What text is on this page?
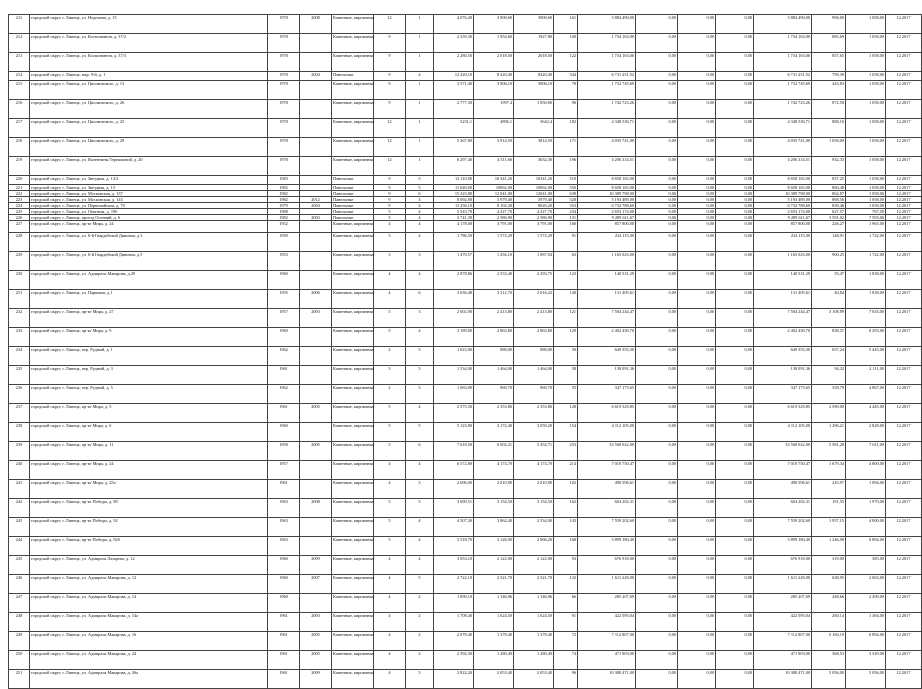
211	городской округ, г. Липецк, ул. Неделина, д. 15	1978	2008	Каменные, кирпичные	12	1	4 076,20	3 900,60	3900,60	161	3 884 490,00	0,00	0,00	0,00	3 884 490,00	996,00	1 058,00	12.2017
212	городской округ, г. Липецк, ул. Космонавтов, д. 37/2	1978		Каменные, кирпичные	9	1	2 239,30	1 954,60	1927,80	100	1 734 163,00	0,00	0,00	0,00	1 734 163,00	885,69	1 058,00	12.2017
213	городской округ, г. Липецк, ул. Космонавтов, д. 37/3	1978		Каменные, кирпичные	9	1	2 280,50	2 018,50	2018,50	122	1 734 163,00	0,00	0,00	0,00	1 734 163,00	857,65	1 058,00	12.2017
214	городской округ, г. Липецк, мкр. 9-й, д. 1	1978	2004	Панельные	9	4	12 420,10	8 420,40	8420,40	344	6 731 251,52	0,00	0,00	0,00	6 731 251,52	799,39	1 058,00	12.2017
215	городской округ, г. Липецк, ул. Циолковского, д. 13	1978		Каменные, кирпичные	9	1	3 571,40	3 906,10	3906,10	78	1 732 749,69	0,00	0,00	0,00	1 732 749,69	443,83	1 058,00	12.2017
216	городской округ, г. Липецк, ул. Циолковского, д. 26	1978		Каменные, кирпичные	9	1	2 777,30	1997,4	1 850,00	96	1 742 723,26	0,00	0,00	0,00	1 742 723,26	872,50	1 058,00	12.2017
217	городской округ, г. Липецк, ул. Циолковского, д. 25	1978		Каменные, кирпичные	12	1	5231,1	4896,1	3642,4	182	4 348 530,71	0,00	0,00	0,00	4 348 530,71	888,16	1 058,00	12.2017
218	городской округ, г. Липецк, ул. Циолковского, д. 29	1978		Каменные, кирпичные	12	1	5 267,80	3 814,50	3814,50	171	4 035 741,00	0,00	0,00	0,00	4 035 741,00	1 058,00	1 058,00	12.2017
219	городской округ, г. Липецк, ул. Валентины Терешковой, д. 20	1978		Каменные, кирпичные	12	1	6 297,40	4 511,60	3632,30	196	4 206 314,51	0,00	0,00	0,00	4 206 314,51	932,33	1 058,00	12.2017
220	городской округ, г. Липецк, ул. Звездная, д. 13/2	1983		Панельные	9	5	12 110,00	10 341,20	10341,20	510	8 658 165,00	0,00	0,00	0,00	8 658 165,00	837,25	1 058,00	12.2017
221	городской округ, г. Липецк, ул. Звездная, д. 13	1982		Панельные	9	5	11 640,00	10062,00	10062,00	550	8 658 165,00	0,00	0,00	0,00	8 658 165,00	860,48	1 058,00	12.2017
222	городской округ, г. Липецк, ул. Московская, д. 137	1982		Панельные	9	6	15 223,80	12 041,00	12041,00	638	10 389 798,00	0,00	0,00	0,00	10 389 798,00	862,87	1 058,00	12.2017
223	городской округ, г. Липецк, ул. Московская, д. 143	1982	2012	Панельные	9	3	8 092,00	5 979,40	5979,40	328	5 193 489,00	0,00	0,00	0,00	5 193 489,00	868,56	1 058,00	12.2017
224	городской округ, г. Липецк, ул. Первомайская, д. 70	1979	2004	Панельные	9	4	11 256,10	8 102,20	8020,20	353	6 732 788,60	0,00	0,00	0,00	6 732 788,60	839,46	1 058,00	12.2017
225	городской округ, г. Липецк, ул. Опытная, д. 19б	1988		Панельные	5	4	5 543,70	4 227,70	4 227,70	234	2 653 174,00	0,00	0,00	0,00	2 653 174,00	627,57	767,50	12.2017
226	городской округ, г. Липецк, проезд Осенний, д. 6	1982	2003	Панельные	5	4	3 741,39	2 586,90	2 586,90	131	9 289 611,67	0,00	0,00	0,00	9 289 611,67	3 591,02	7 593,00	12.2017
227	городской округ, г. Липецк, пр-кт Мира, д. 24	1952		Каменные, кирпичные	4	4	4 178,00	3 791,00	3 791,00	160	857 800,00	0,00	0,00	0,00	857 800,00	226,27	1 965,00	12.2017
228	городской округ, г. Липецк, ул. 6-й Гвардейской Дивизии, д.3	1950		Каменные, кирпичные	3	4	1 786,59	1 572,29	1 572,29	91	234 115,00	0,00	0,00	0,00	234 115,00	148,91	1 722,00	12.2017
229	городской округ, г. Липецк, ул. 6-й Гвардейской Дивизии, д.5	1953		Каменные, кирпичные	3	3	1 470,57	1 294,10	1 087,04	63	1 165 023,00	0,00	0,00	0,00	1 165 023,00	900,25	1 722,00	12.2017
230	городской округ, г. Липецк, ул. Адмирала Макарова, д.29	1960		Каменные, кирпичные	4	4	2 878,86	2 533,40	2 293,75	123	140 531,29	0,00	0,00	0,00	140 531,29	55,47	1 838,00	12.2017
231	городской округ, г. Липецк, ул. Парковая, д.1	1955	2006	Каменные, кирпичные	4	6	3 636,48	3 212,70	2 616,22	140	131 405,61	0,00	0,00	0,00	131 405,61	40,84	1 838,00	12.2017
232	городской округ, г. Липецк, пр-кт Мира, д. 27	1957	2003	Каменные, кирпичные	5	3	2 602,00	2 413,80	2 413,80	121	7 504 244,47	0,00	0,00	0,00	7 504 244,47	3 108,89	7 633,00	12.2017
233	городской округ, г. Липецк, пр-кт Мира, д. 9	1960		Каменные, кирпичные	5	4	3 189,00	2 863,80	2 863,80	129	2 402 430,70	0,00	0,00	0,00	2 402 430,70	838,37	8 293,00	12.2017
234	городской округ, г. Липецк, пер. Рудный, д. 1	1962		Каменные, кирпичные	2	3	1 023,00	988,00	988,00	59	649 355,30	0,00	0,00	0,00	649 355,30	657,24	5 445,00	12.2017
235	городской округ, г. Липецк, пер. Рудный, д. 3	1961		Каменные, кирпичные	3	3	1 534,00	1 464,00	1 464,00	58	138 091,36	0,00	0,00	0,00	138 091,36	94,32	2 111,00	12.2017
236	городской округ, г. Липецк, пер. Рудный, д. 5	1962		Каменные, кирпичные	2	3	1 063,00	969,70	969,70	55	347 175,65	0,00	0,00	0,00	347 175,65	358,79	4 867,00	12.2017
237	городской округ, г. Липецк, пр-кт Мира, д. 5	1961	2005	Каменные, кирпичные	5	4	2 575,50	2 353,80	2 353,80	128	6 619 529,85	0,00	0,00	0,00	6 619 529,85	2 590,00	4 445,00	12.2017
238	городской округ, г. Липецк, пр-кт Мира, д. 6	1960		Каменные, кирпичные	5	5	5 123,90	3 172,40	3 050,20	154	4 112 105,00	0,00	0,00	0,00	4 112 105,00	1 296,21	2 828,00	12.2017
239	городской округ, г. Липецк, пр-кт Мира, д. 11	1958	2005	Каменные, кирпичные	5	6	7 618,50	6 002,21	5 452,71	253	33 500 022,00	0,00	0,00	0,00	33 500 022,00	5 581,28	7 611,00	12.2017
240	городской округ, г. Липецк, пр-кт Мира, д. 24	1957		Каменные, кирпичные	4	4	6 572,80	4 174,70	4 174,70	214	7 010 750,47	0,00	0,00	0,00	7 010 750,47	1 679,34	4 800,00	12.2017
241	городской округ, г. Липецк, пр-кт Мира, д. 25а	1961		Каменные, кирпичные	4	3	2 696,00	2 010,90	2 010,90	102	490 596,61	0,00	0,00	0,00	490 596,61	243,97	1 094,00	12.2017
242	городской округ, г. Липецк, пр-кт Победы, д. 89	1963	2008	Каменные, кирпичные	5	3	3 690,51	3 154,50	3 154,50	162	604 202,31	0,00	0,00	0,00	604 202,31	191,55	1 979,00	12.2017
243	городской округ, г. Липецк, пр-кт Победы, д. 92	1963		Каменные, кирпичные	5	4	4 507,30	3 862,40	2 534,00	143	7 559 202,60	0,00	0,00	0,00	7 559 202,60	1 957,15	4 800,00	12.2017
244	городской округ, г. Липецк, пр-кт Победы, д. 92б	1963		Каменные, кирпичные	5	4	3 518,70	3 126,90	2 966,20	168	3 899 180,40	0,00	0,00	0,00	3 899 180,40	1 246,98	6 894,00	12.2017
245	городской округ, г. Липецк, ул. Адмирала Лазарева, д. 12	1960	2009	Каменные, кирпичные	4	4	3 053,10	2 122,00	2 122,00	93	676 918,00	0,00	0,00	0,00	676 918,00	319,00	385,00	12.2017
246	городской округ, г. Липецк, ул. Адмирала Макарова, д. 12	1960	2007	Каменные, кирпичные	4	5	2 722,10	2 521,70	2 521,70	132	1 611 229,00	0,00	0,00	0,00	1 611 229,00	638,95	2 063,00	12.2017
247	городской округ, г. Липецк, ул. Адмирала Макарова, д. 14	1960		Каменные, кирпичные	4	2	1 890,10	1 146,96	1 146,96	66	285 207,09	0,00	0,00	0,00	285 207,09	248,66	2 309,00	12.2017
248	городской округ, г. Липецк, ул. Адмирала Макарова, д. 14а	1961	2003	Каменные, кирпичные	4	2	1 708,40	1 624,50	1 624,50	91	422 595,04	0,00	0,00	0,00	422 595,04	260,14	1 494,00	12.2017
249	городской округ, г. Липецк, ул. Адмирала Макарова, д. 16	1961	2005	Каменные, кирпичные	4	2	2 078,40	1 378,40	1 378,40	72	7 112 807,00	0,00	0,00	0,00	7 112 807,00	5 160,19	6 894,00	12.2017
250	городской округ, г. Липецк, ул. Адмирала Макарова, д. 24	1961	2005	Каменные, кирпичные	4	2	2 592,30	1 280,49	1 280,49	74	471 903,00	0,00	0,00	0,00	471 903,00	368,53	3 549,00	12.2017
251	городской округ, г. Липецк, ул. Адмирала Макарова, д. 26а	1961	2009	Каменные, кирпичные	4	3	2 822,20	2 053,40	2 053,40	96	10 380 471,00	0,00	0,00	0,00	10 380 471,00	5 056,00	5 056,00	12.2017
